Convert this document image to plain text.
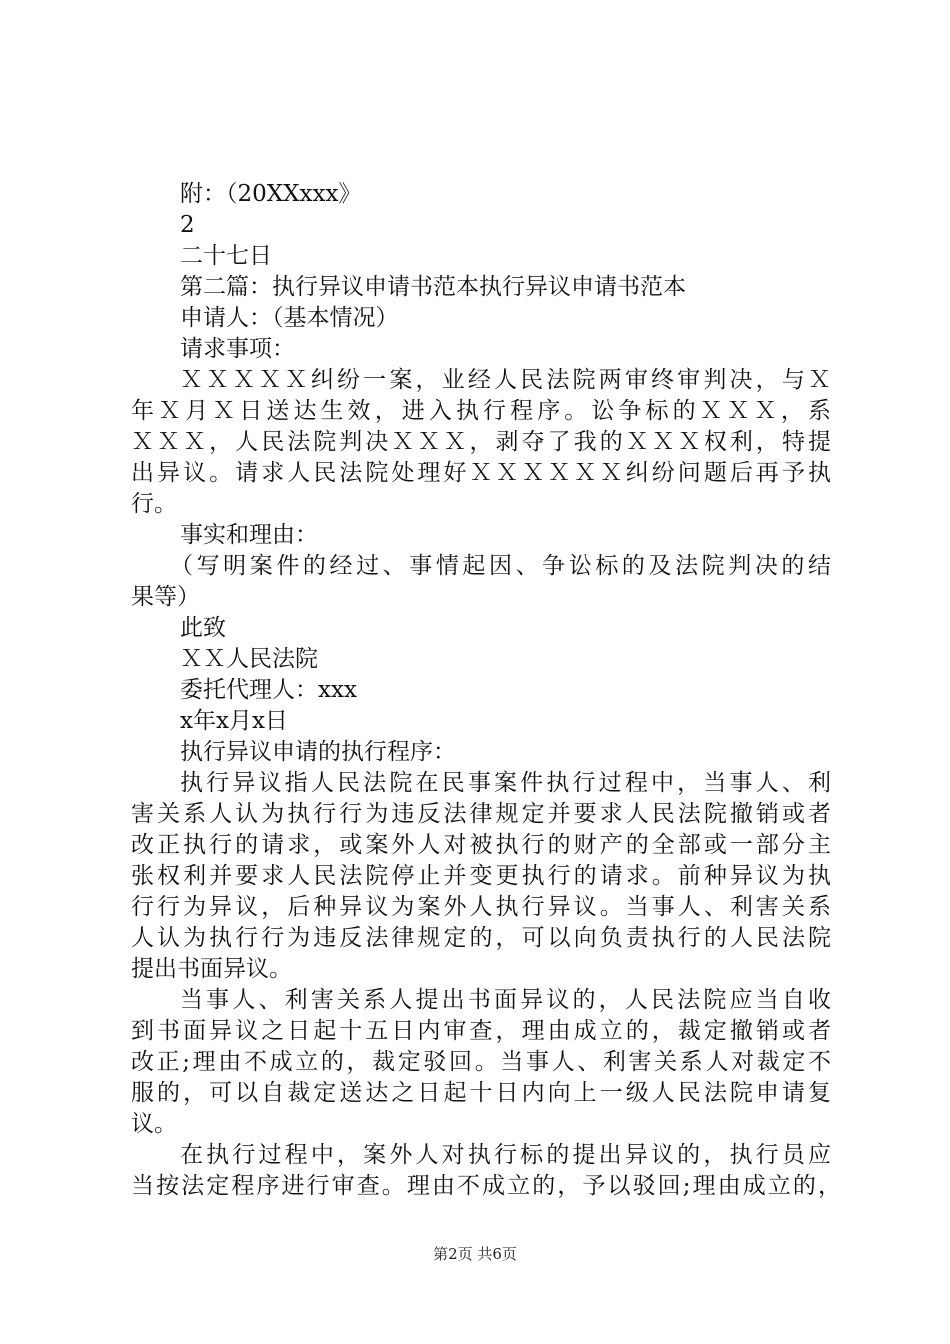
附：（20XXxxx》
2
二十七日
第二篇：执行异议申请书范本执行异议申请书范本
申请人：（基本情况）
请求事项：
ＸＸＸＸＸ纠纷一案，业经人民法院两审终审判决，与Ｘ
年Ｘ月Ｘ日送达生效，进入执行程序。讼争标的ＸＸＸ，系
ＸＸＸ，人民法院判决ＸＸＸ，剥夺了我的ＸＸＸ权利，特提
出异议。请求人民法院处理好ＸＸＸＸＸＸ纠纷问题后再予执
行。
事实和理由：
（写明案件的经过、事情起因、争讼标的及法院判决的结
果等）
此致
ＸＸ人民法院
委托代理人：xxx
x年x月x日
执行异议申请的执行程序：
执行异议指人民法院在民事案件执行过程中，当事人、利
害关系人认为执行行为违反法律规定并要求人民法院撤销或者
改正执行的请求，或案外人对被执行的财产的全部或一部分主
张权利并要求人民法院停止并变更执行的请求。前种异议为执
行行为异议，后种异议为案外人执行异议。当事人、利害关系
人认为执行行为违反法律规定的，可以向负责执行的人民法院
提出书面异议。
当事人、利害关系人提出书面异议的，人民法院应当自收
到书面异议之日起十五日内审查，理由成立的，裁定撤销或者
改正;理由不成立的，裁定驳回。当事人、利害关系人对裁定不
服的，可以自裁定送达之日起十日内向上一级人民法院申请复
议。
在执行过程中，案外人对执行标的提出异议的，执行员应
当按法定程序进行审查。理由不成立的，予以驳回;理由成立的，
第2页 共6页
